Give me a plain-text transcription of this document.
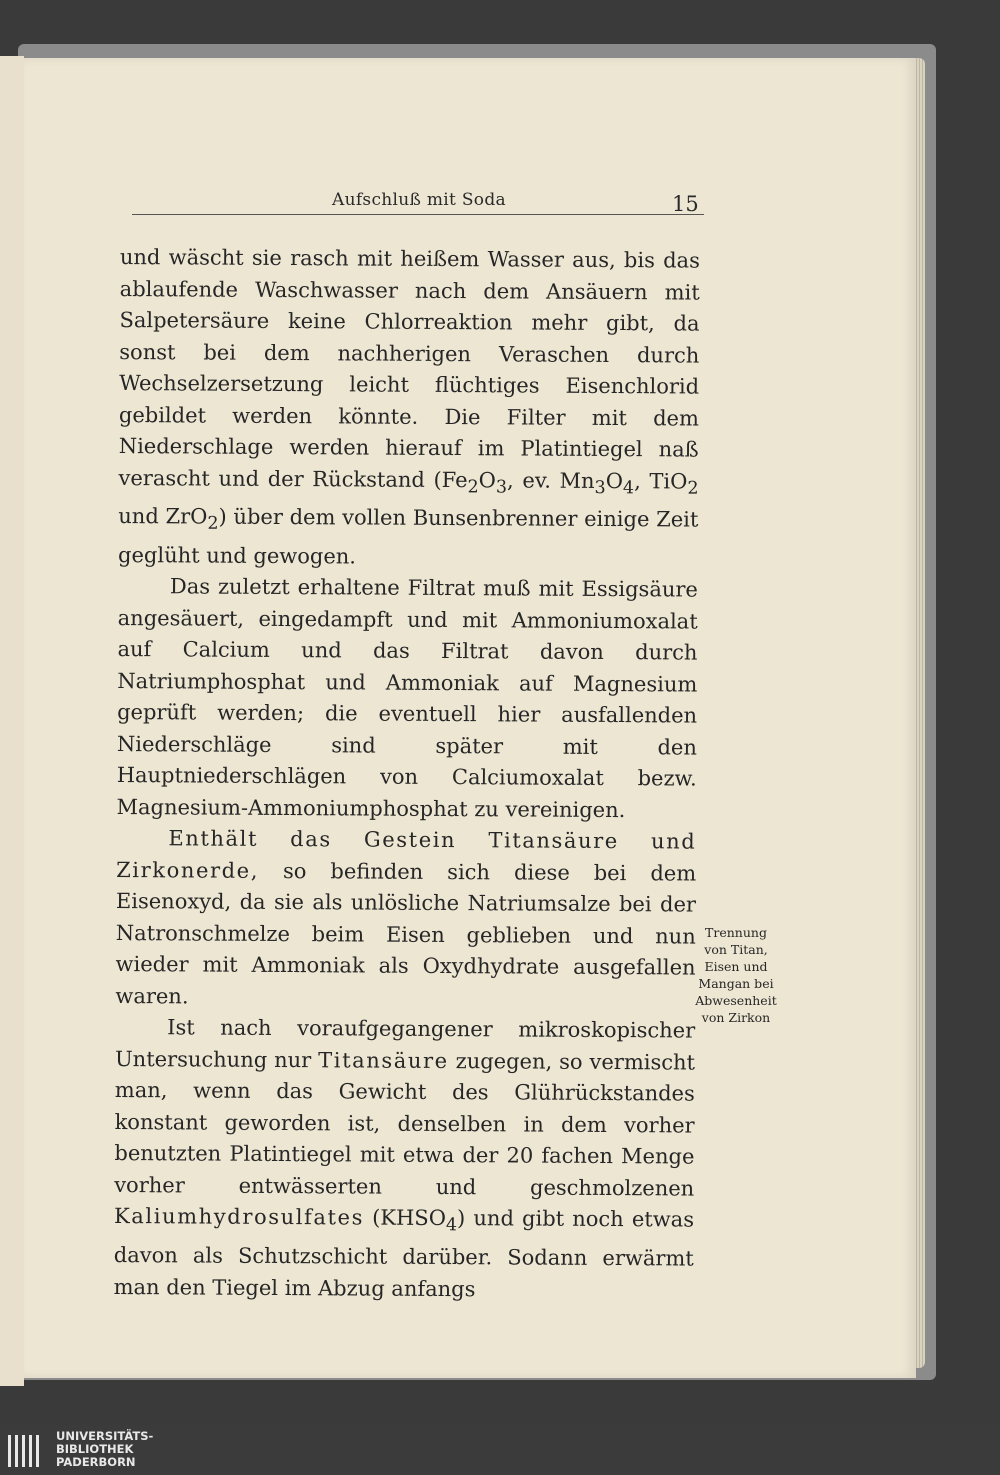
Aufschluß mit Soda	15

und wäscht sie rasch mit heißem Wasser aus, bis das ablaufende Waschwasser nach dem Ansäuern mit Salpetersäure keine Chlorreaktion mehr gibt, da sonst bei dem nachherigen Veraschen durch Wechselzersetzung leicht flüchtiges Eisenchlorid gebildet werden könnte. Die Filter mit dem Niederschlage werden hierauf im Platintiegel naß verascht und der Rückstand ($Fe_2O_3$, ev. $Mn_3O_4$, TiO$_2$ und ZrO$_2$) über dem vollen Bunsenbrenner einige Zeit geglüht und gewogen.

Das zuletzt erhaltene Filtrat muß mit Essigsäure angesäuert, eingedampft und mit Ammoniumoxalat auf Calcium und das Filtrat davon durch Natriumphosphat und Ammoniak auf Magnesium geprüft werden; die eventuell hier ausfallenden Niederschläge sind später mit den Hauptniederschlägen von Calciumoxalat bezw. Magnesium-Ammoniumphosphat zu vereinigen.

Enthält das Gestein Titansäure und Zirkonerde, so befinden sich diese bei dem Eisenoxyd, da sie als unlösliche Natriumsalze bei der Natronschmelze beim Eisen geblieben und nun wieder mit Ammoniak als Oxydhydrate ausgefallen waren.

Ist nach voraufgegangener mikroskopischer Untersuchung nur Titansäure zugegen, so vermischt man, wenn das Gewicht des Glührückstandes konstant geworden ist, denselben in dem vorher benutzten Platintiegel mit etwa der 20 fachen Menge vorher entwässerten und geschmolzenen Kaliumhydrosulfates $(KHSO_4)$ und gibt noch etwas davon als Schutzschicht darüber. Sodann erwärmt man den Tiegel im Abzug anfangs

Trennung
von Titan,
Eisen und
Mangan bei
Abwesenheit
von Zirkon
UNIVERSITÄTS-
BIBLIOTHEK
PADERBORN
